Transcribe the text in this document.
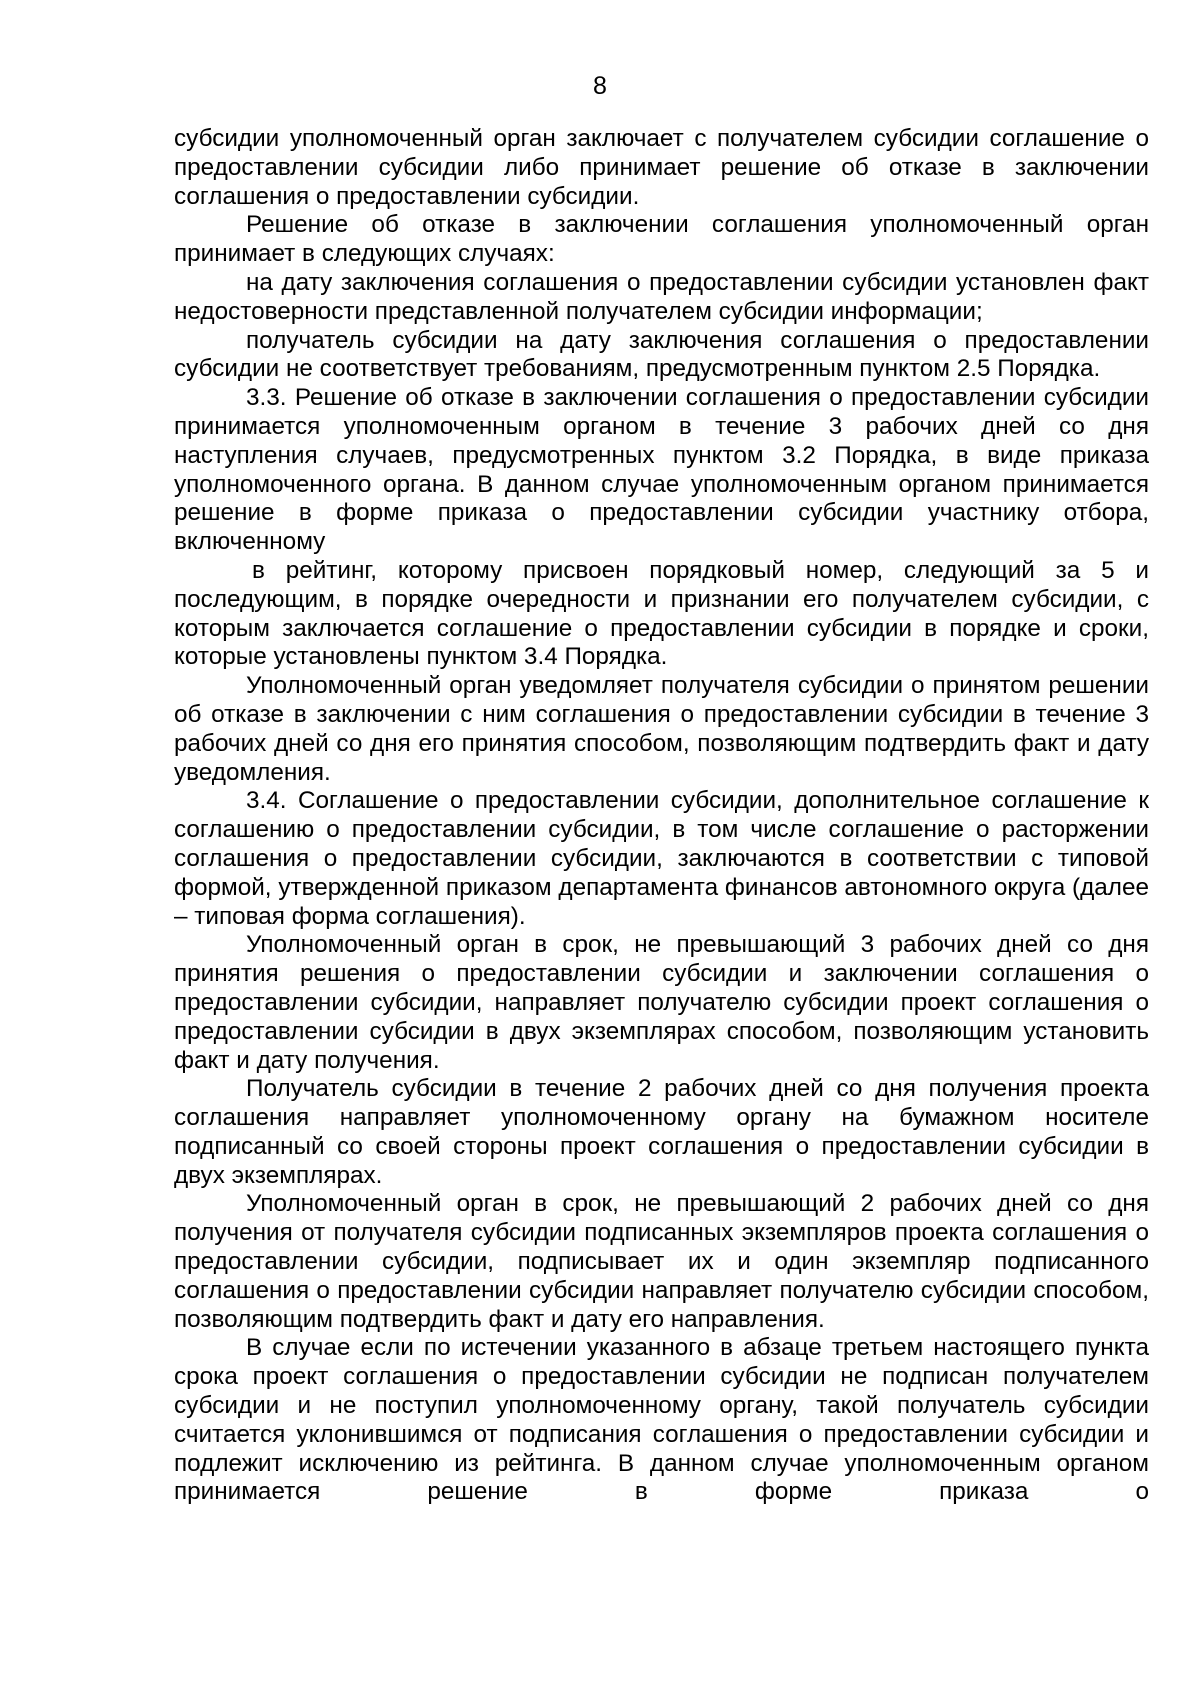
8

субсидии уполномоченный орган заключает с получателем субсидии соглашение о предоставлении субсидии либо принимает решение об отказе в заключении соглашения о предоставлении субсидии.

Решение об отказе в заключении соглашения уполномоченный орган принимает в следующих случаях:

на дату заключения соглашения о предоставлении субсидии установлен факт недостоверности представленной получателем субсидии информации;

получатель субсидии на дату заключения соглашения о предоставлении субсидии не соответствует требованиям, предусмотренным пунктом 2.5 Порядка.

3.3. Решение об отказе в заключении соглашения о предоставлении субсидии принимается уполномоченным органом в течение 3 рабочих дней со дня наступления случаев, предусмотренных пунктом 3.2 Порядка, в виде приказа уполномоченного органа. В данном случае уполномоченным органом принимается решение в форме приказа о предоставлении субсидии участнику отбора, включенному

в рейтинг, которому присвоен порядковый номер, следующий за 5 и последующим, в порядке очередности и признании его получателем субсидии, с которым заключается соглашение о предоставлении субсидии в порядке и сроки, которые установлены пунктом 3.4 Порядка.

Уполномоченный орган уведомляет получателя субсидии о принятом решении об отказе в заключении с ним соглашения о предоставлении субсидии в течение 3 рабочих дней со дня его принятия способом, позволяющим подтвердить факт и дату уведомления.

3.4. Соглашение о предоставлении субсидии, дополнительное соглашение к соглашению о предоставлении субсидии, в том числе соглашение о расторжении соглашения о предоставлении субсидии, заключаются в соответствии с типовой формой, утвержденной приказом департамента финансов автономного округа (далее – типовая форма соглашения).

Уполномоченный орган в срок, не превышающий 3 рабочих дней со дня принятия решения о предоставлении субсидии и заключении соглашения о предоставлении субсидии, направляет получателю субсидии проект соглашения о предоставлении субсидии в двух экземплярах способом, позволяющим установить факт и дату получения.

Получатель субсидии в течение 2 рабочих дней со дня получения проекта соглашения направляет уполномоченному органу на бумажном носителе подписанный со своей стороны проект соглашения о предоставлении субсидии в двух экземплярах.

Уполномоченный орган в срок, не превышающий 2 рабочих дней со дня получения от получателя субсидии подписанных экземпляров проекта соглашения о предоставлении субсидии, подписывает их и один экземпляр подписанного соглашения о предоставлении субсидии направляет получателю субсидии способом, позволяющим подтвердить факт и дату его направления.

В случае если по истечении указанного в абзаце третьем настоящего пункта срока проект соглашения о предоставлении субсидии не подписан получателем субсидии и не поступил уполномоченному органу, такой получатель субсидии считается уклонившимся от подписания соглашения о предоставлении субсидии и подлежит исключению из рейтинга. В данном случае уполномоченным органом принимается решение в форме приказа о
